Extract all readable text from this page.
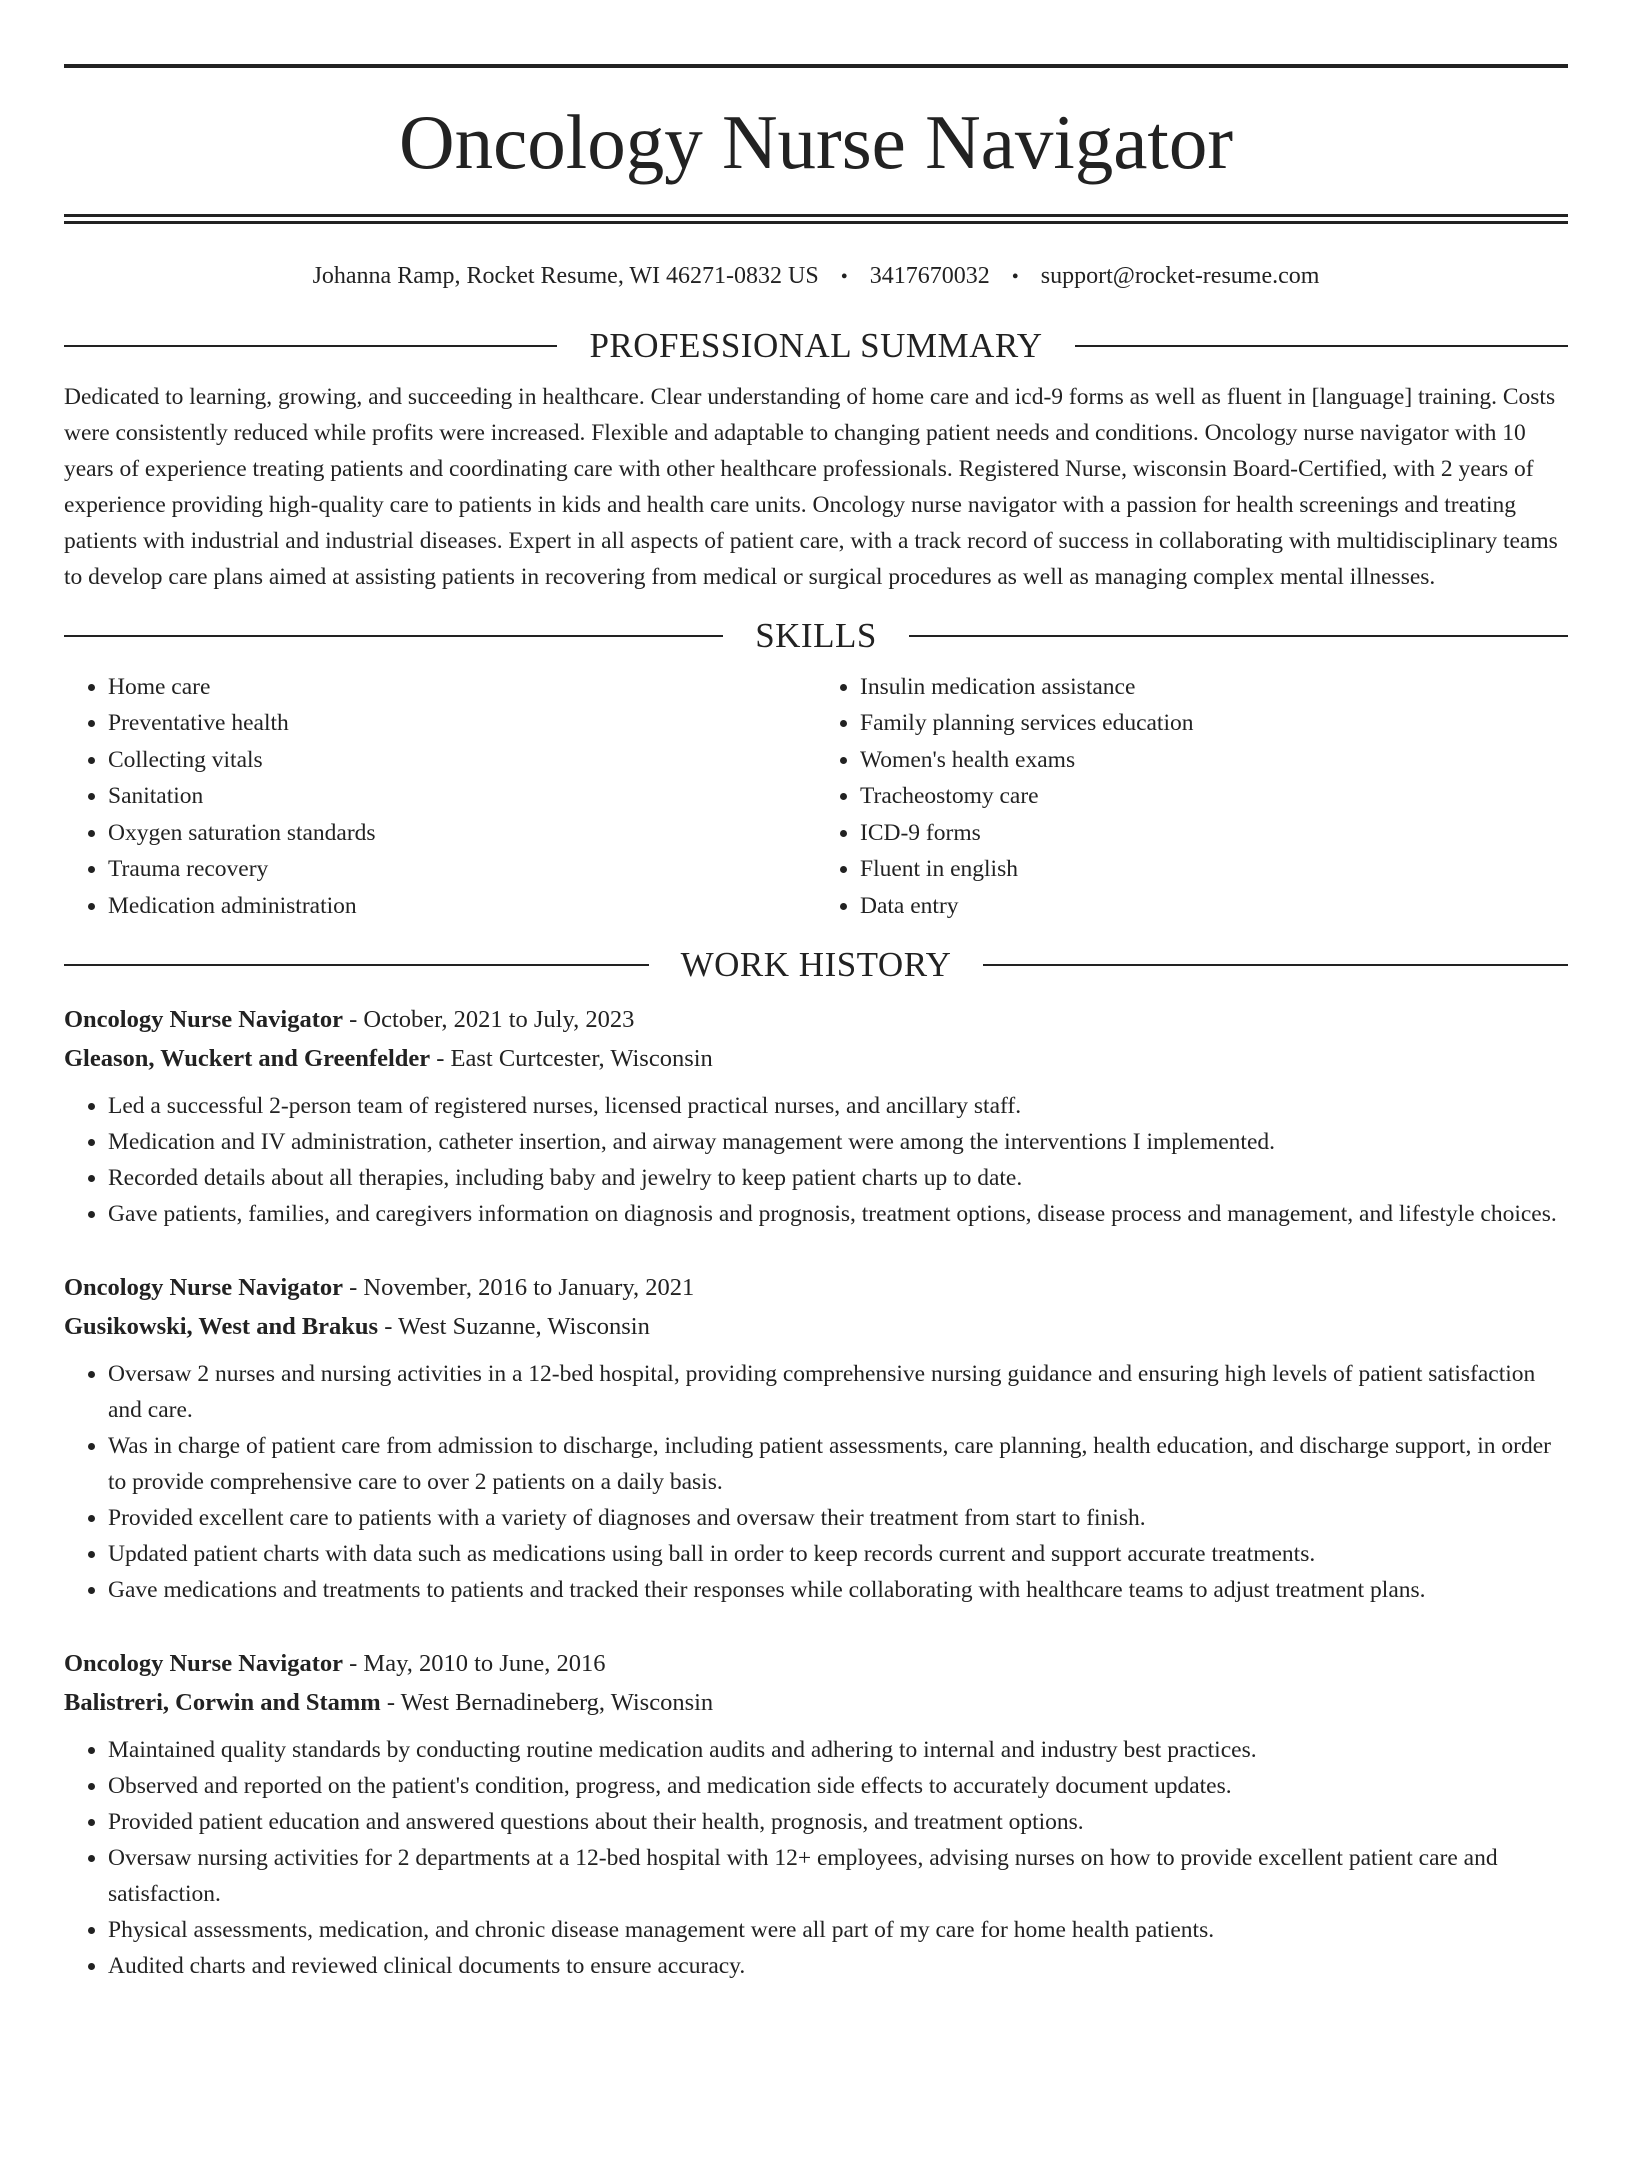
Oncology Nurse Navigator
Johanna Ramp, Rocket Resume, WI 46271-0832 US • 3417670032 • support@rocket-resume.com
PROFESSIONAL SUMMARY

Dedicated to learning, growing, and succeeding in healthcare. Clear understanding of home care and icd-9 forms as well as fluent in [language] training. Costs were consistently reduced while profits were increased. Flexible and adaptable to changing patient needs and conditions. Oncology nurse navigator with 10 years of experience treating patients and coordinating care with other healthcare professionals. Registered Nurse, wisconsin Board-Certified, with 2 years of experience providing high-quality care to patients in kids and health care units. Oncology nurse navigator with a passion for health screenings and treating patients with industrial and industrial diseases. Expert in all aspects of patient care, with a track record of success in collaborating with multidisciplinary teams to develop care plans aimed at assisting patients in recovering from medical or surgical procedures as well as managing complex mental illnesses.

SKILLS
• Home care
• Preventative health
• Collecting vitals
• Sanitation
• Oxygen saturation standards
• Trauma recovery
• Medication administration
• Insulin medication assistance
• Family planning services education
• Women's health exams
• Tracheostomy care
• ICD-9 forms
• Fluent in english
• Data entry
WORK HISTORY
Oncology Nurse Navigator - October, 2021 to July, 2023
Gleason, Wuckert and Greenfelder - East Curtcester, Wisconsin
• Led a successful 2-person team of registered nurses, licensed practical nurses, and ancillary staff.
• Medication and IV administration, catheter insertion, and airway management were among the interventions I implemented.
• Recorded details about all therapies, including baby and jewelry to keep patient charts up to date.
• Gave patients, families, and caregivers information on diagnosis and prognosis, treatment options, disease process and management, and lifestyle choices.
Oncology Nurse Navigator - November, 2016 to January, 2021
Gusikowski, West and Brakus - West Suzanne, Wisconsin
• Oversaw 2 nurses and nursing activities in a 12-bed hospital, providing comprehensive nursing guidance and ensuring high levels of patient satisfaction and care.
• Was in charge of patient care from admission to discharge, including patient assessments, care planning, health education, and discharge support, in order to provide comprehensive care to over 2 patients on a daily basis.
• Provided excellent care to patients with a variety of diagnoses and oversaw their treatment from start to finish.
• Updated patient charts with data such as medications using ball in order to keep records current and support accurate treatments.
• Gave medications and treatments to patients and tracked their responses while collaborating with healthcare teams to adjust treatment plans.
Oncology Nurse Navigator - May, 2010 to June, 2016
Balistreri, Corwin and Stamm - West Bernadineberg, Wisconsin
• Maintained quality standards by conducting routine medication audits and adhering to internal and industry best practices.
• Observed and reported on the patient's condition, progress, and medication side effects to accurately document updates.
• Provided patient education and answered questions about their health, prognosis, and treatment options.
• Oversaw nursing activities for 2 departments at a 12-bed hospital with 12+ employees, advising nurses on how to provide excellent patient care and satisfaction.
• Physical assessments, medication, and chronic disease management were all part of my care for home health patients.
• Audited charts and reviewed clinical documents to ensure accuracy.
